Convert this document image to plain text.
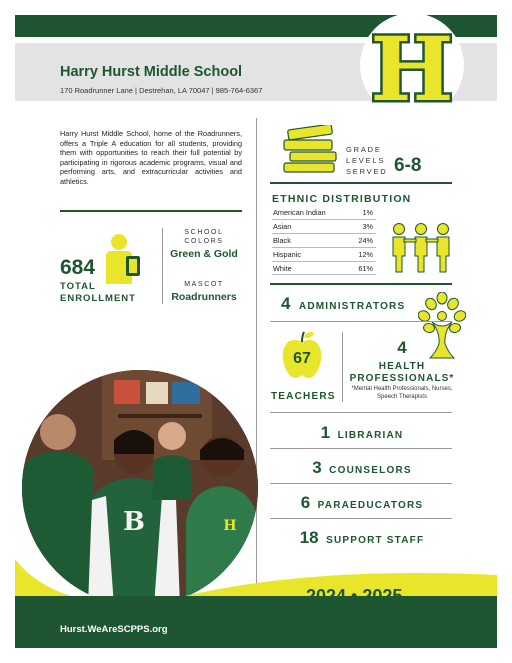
Harry Hurst Middle School
170 Roadrunner Lane | Destrehan, LA 70047 | 985-764-6367 H
Harry Hurst Middle School, home of the Roadrunners, offers a Triple A education for all students, providing them with opportunities to reach their full potential by participating in rigorous academic programs, visual and performing arts, and extracurricular activities and athletics.
684
TOTAL
ENROLLMENT
SCHOOL
COLORS
Green & Gold
MASCOT
Roadrunners
GRADE
LEVELS
SERVED 6-8
ETHNIC DISTRIBUTION
American Indian	1%
Asian	3%
Black	24%
Hispanic	12%
White	61%
4 ADMINISTRATORS
67
TEACHERS
4
HEALTH
PROFESSIONALS*
*Mental Health Professionals, Nurses, Speech Therapists
1 LIBRARIAN
3 COUNSELORS
6 PARAEDUCATORS
18 SUPPORT STAFF
B	H
2024 • 2025
Hurst.WeAreSCPPS.org
